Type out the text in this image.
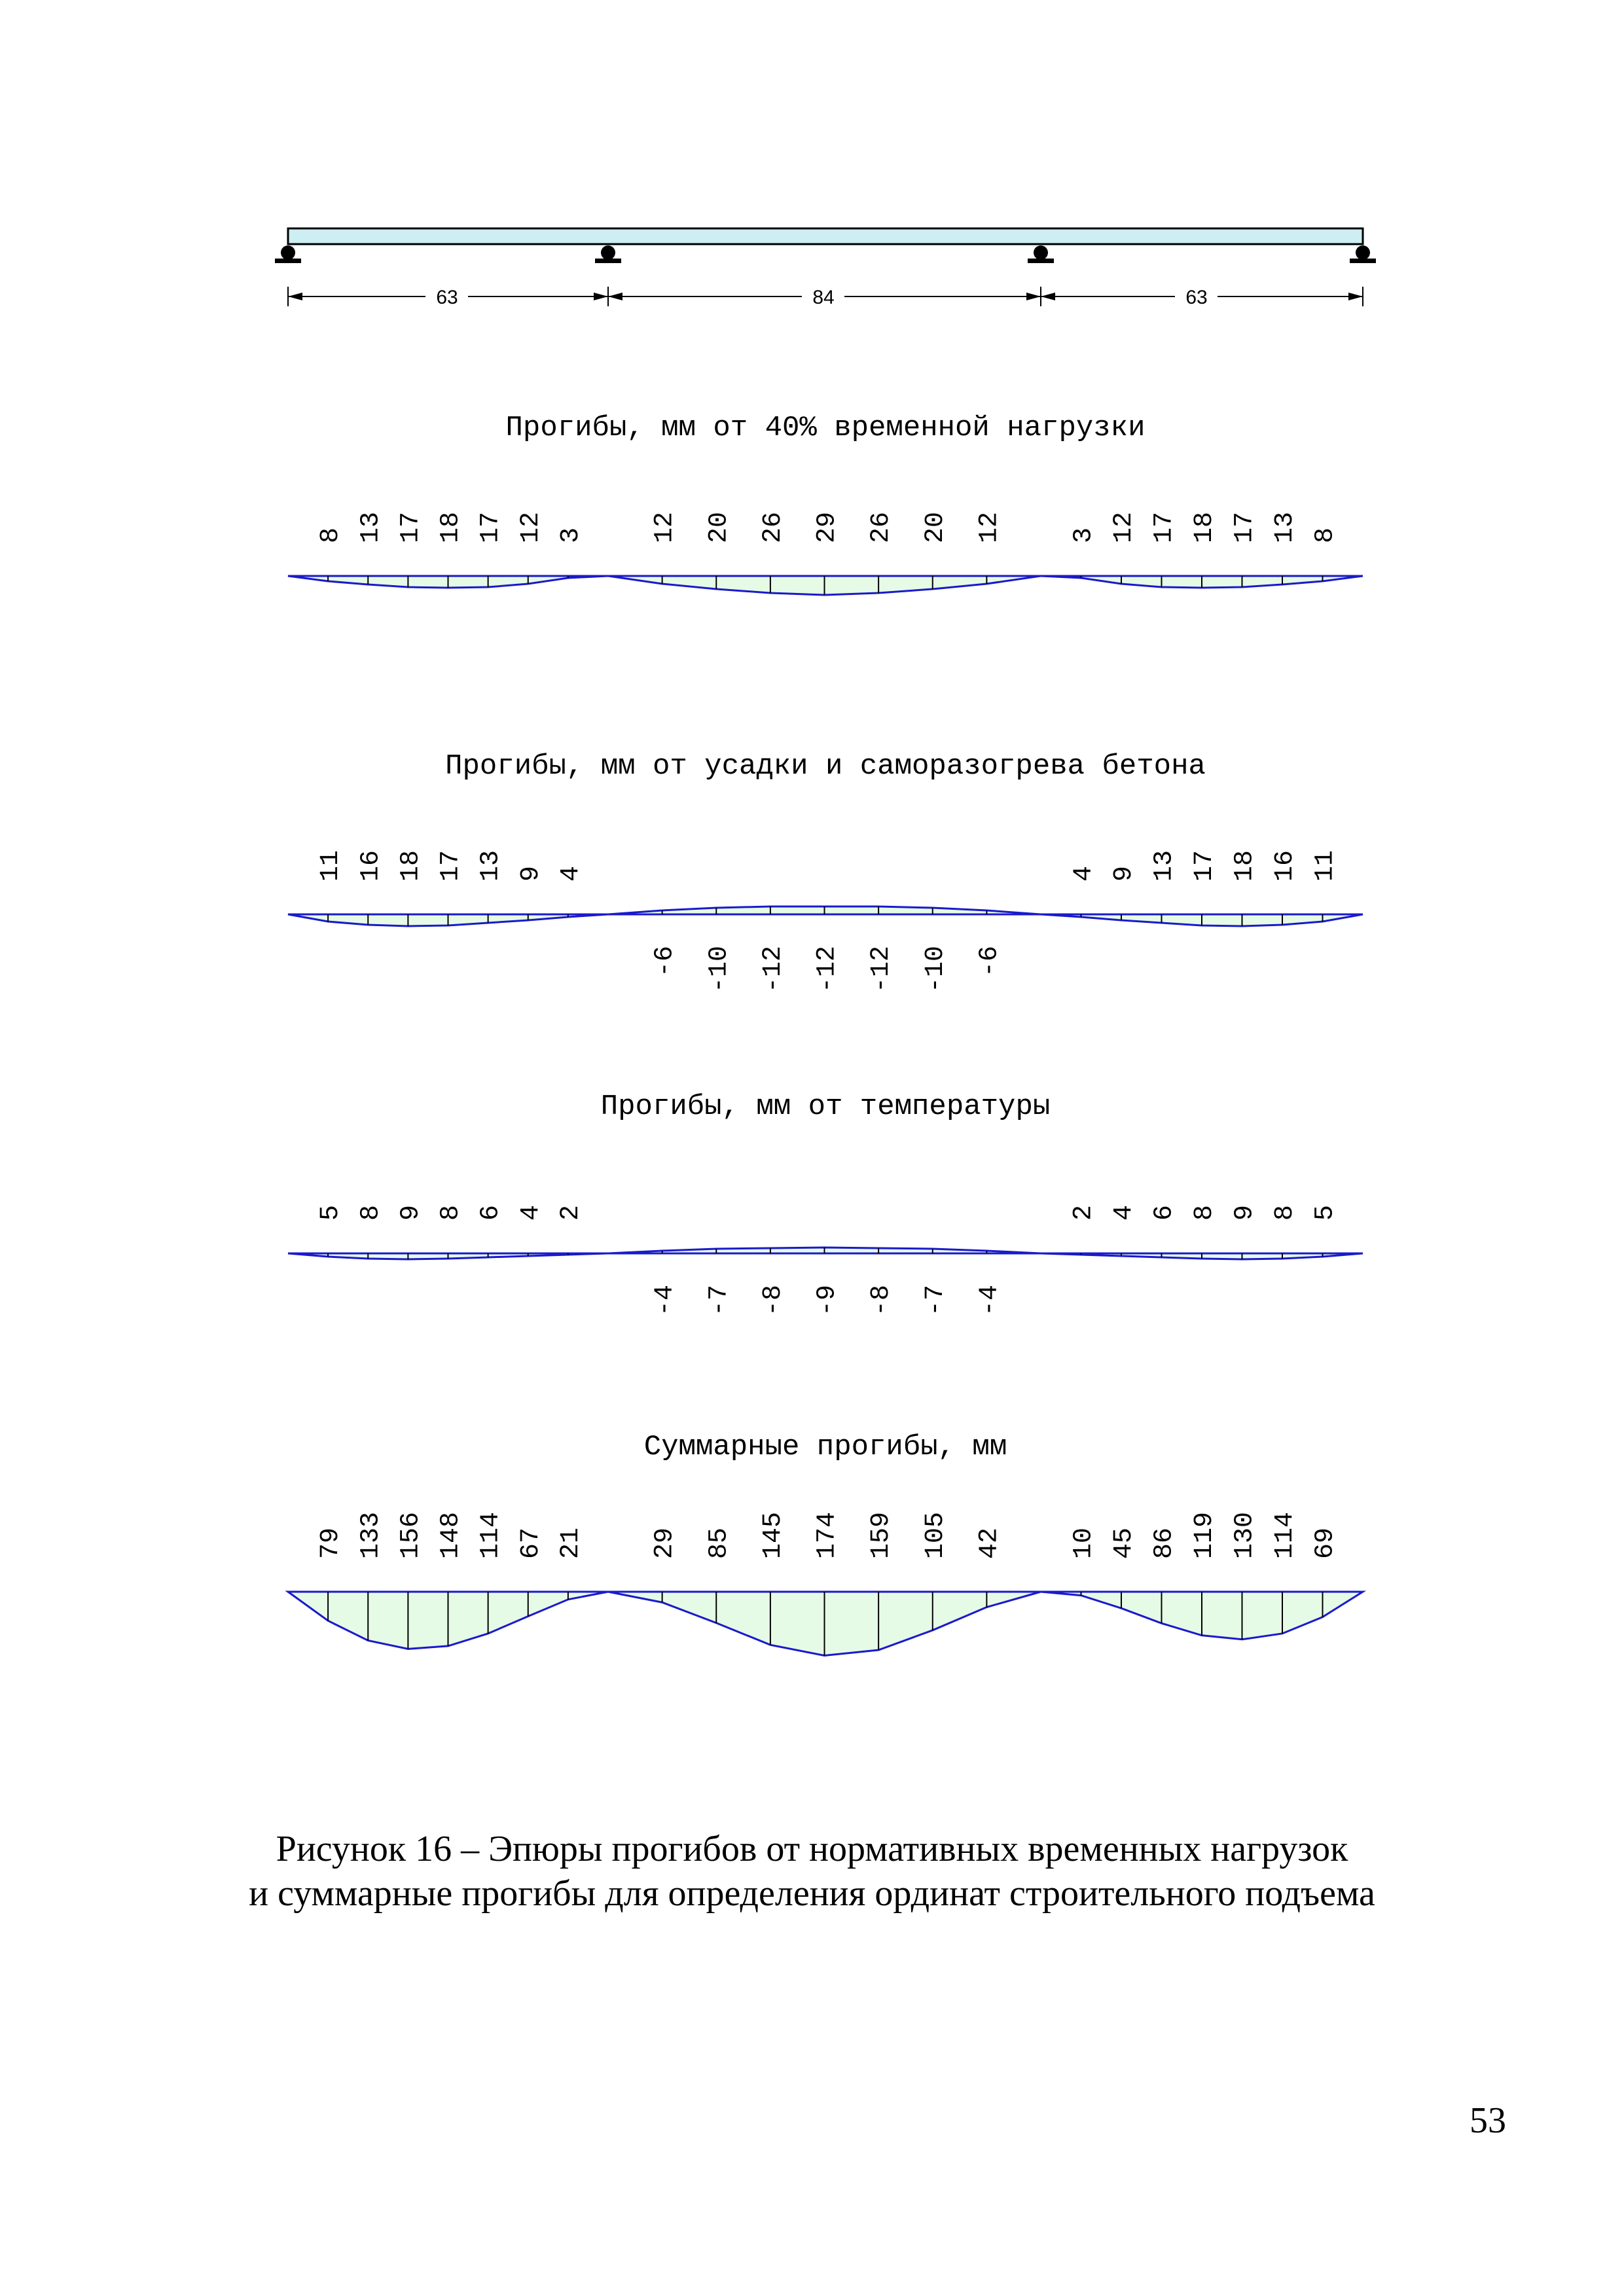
63	84	63
Прогибы, мм от 40% временной нагрузки
Прогибы, мм от усадки и саморазогрева бетона
Прогибы, мм от температуры
Суммарные прогибы, мм
8 13 17 18 17 12 3 12 20 26 29 26 20 12 3 12 17 18 17 13 8
11 16 18 17 13 9 4
-6 -10 -12 -12 -12 -10 -6
4 9 13 17 18 16 11
5 8 9 8 6 4 2
-4 -7 -8 -9 -8 -7 -4
2 4 6 8 9 8 5
79 133 156 148 114 67 21 29 85 145 174 159 105 42 10 45 86 119 130 114 69
Рисунок 16 – Эпюры прогибов от нормативных временных нагрузок
и суммарные прогибы для определения ординат строительного подъема
53
